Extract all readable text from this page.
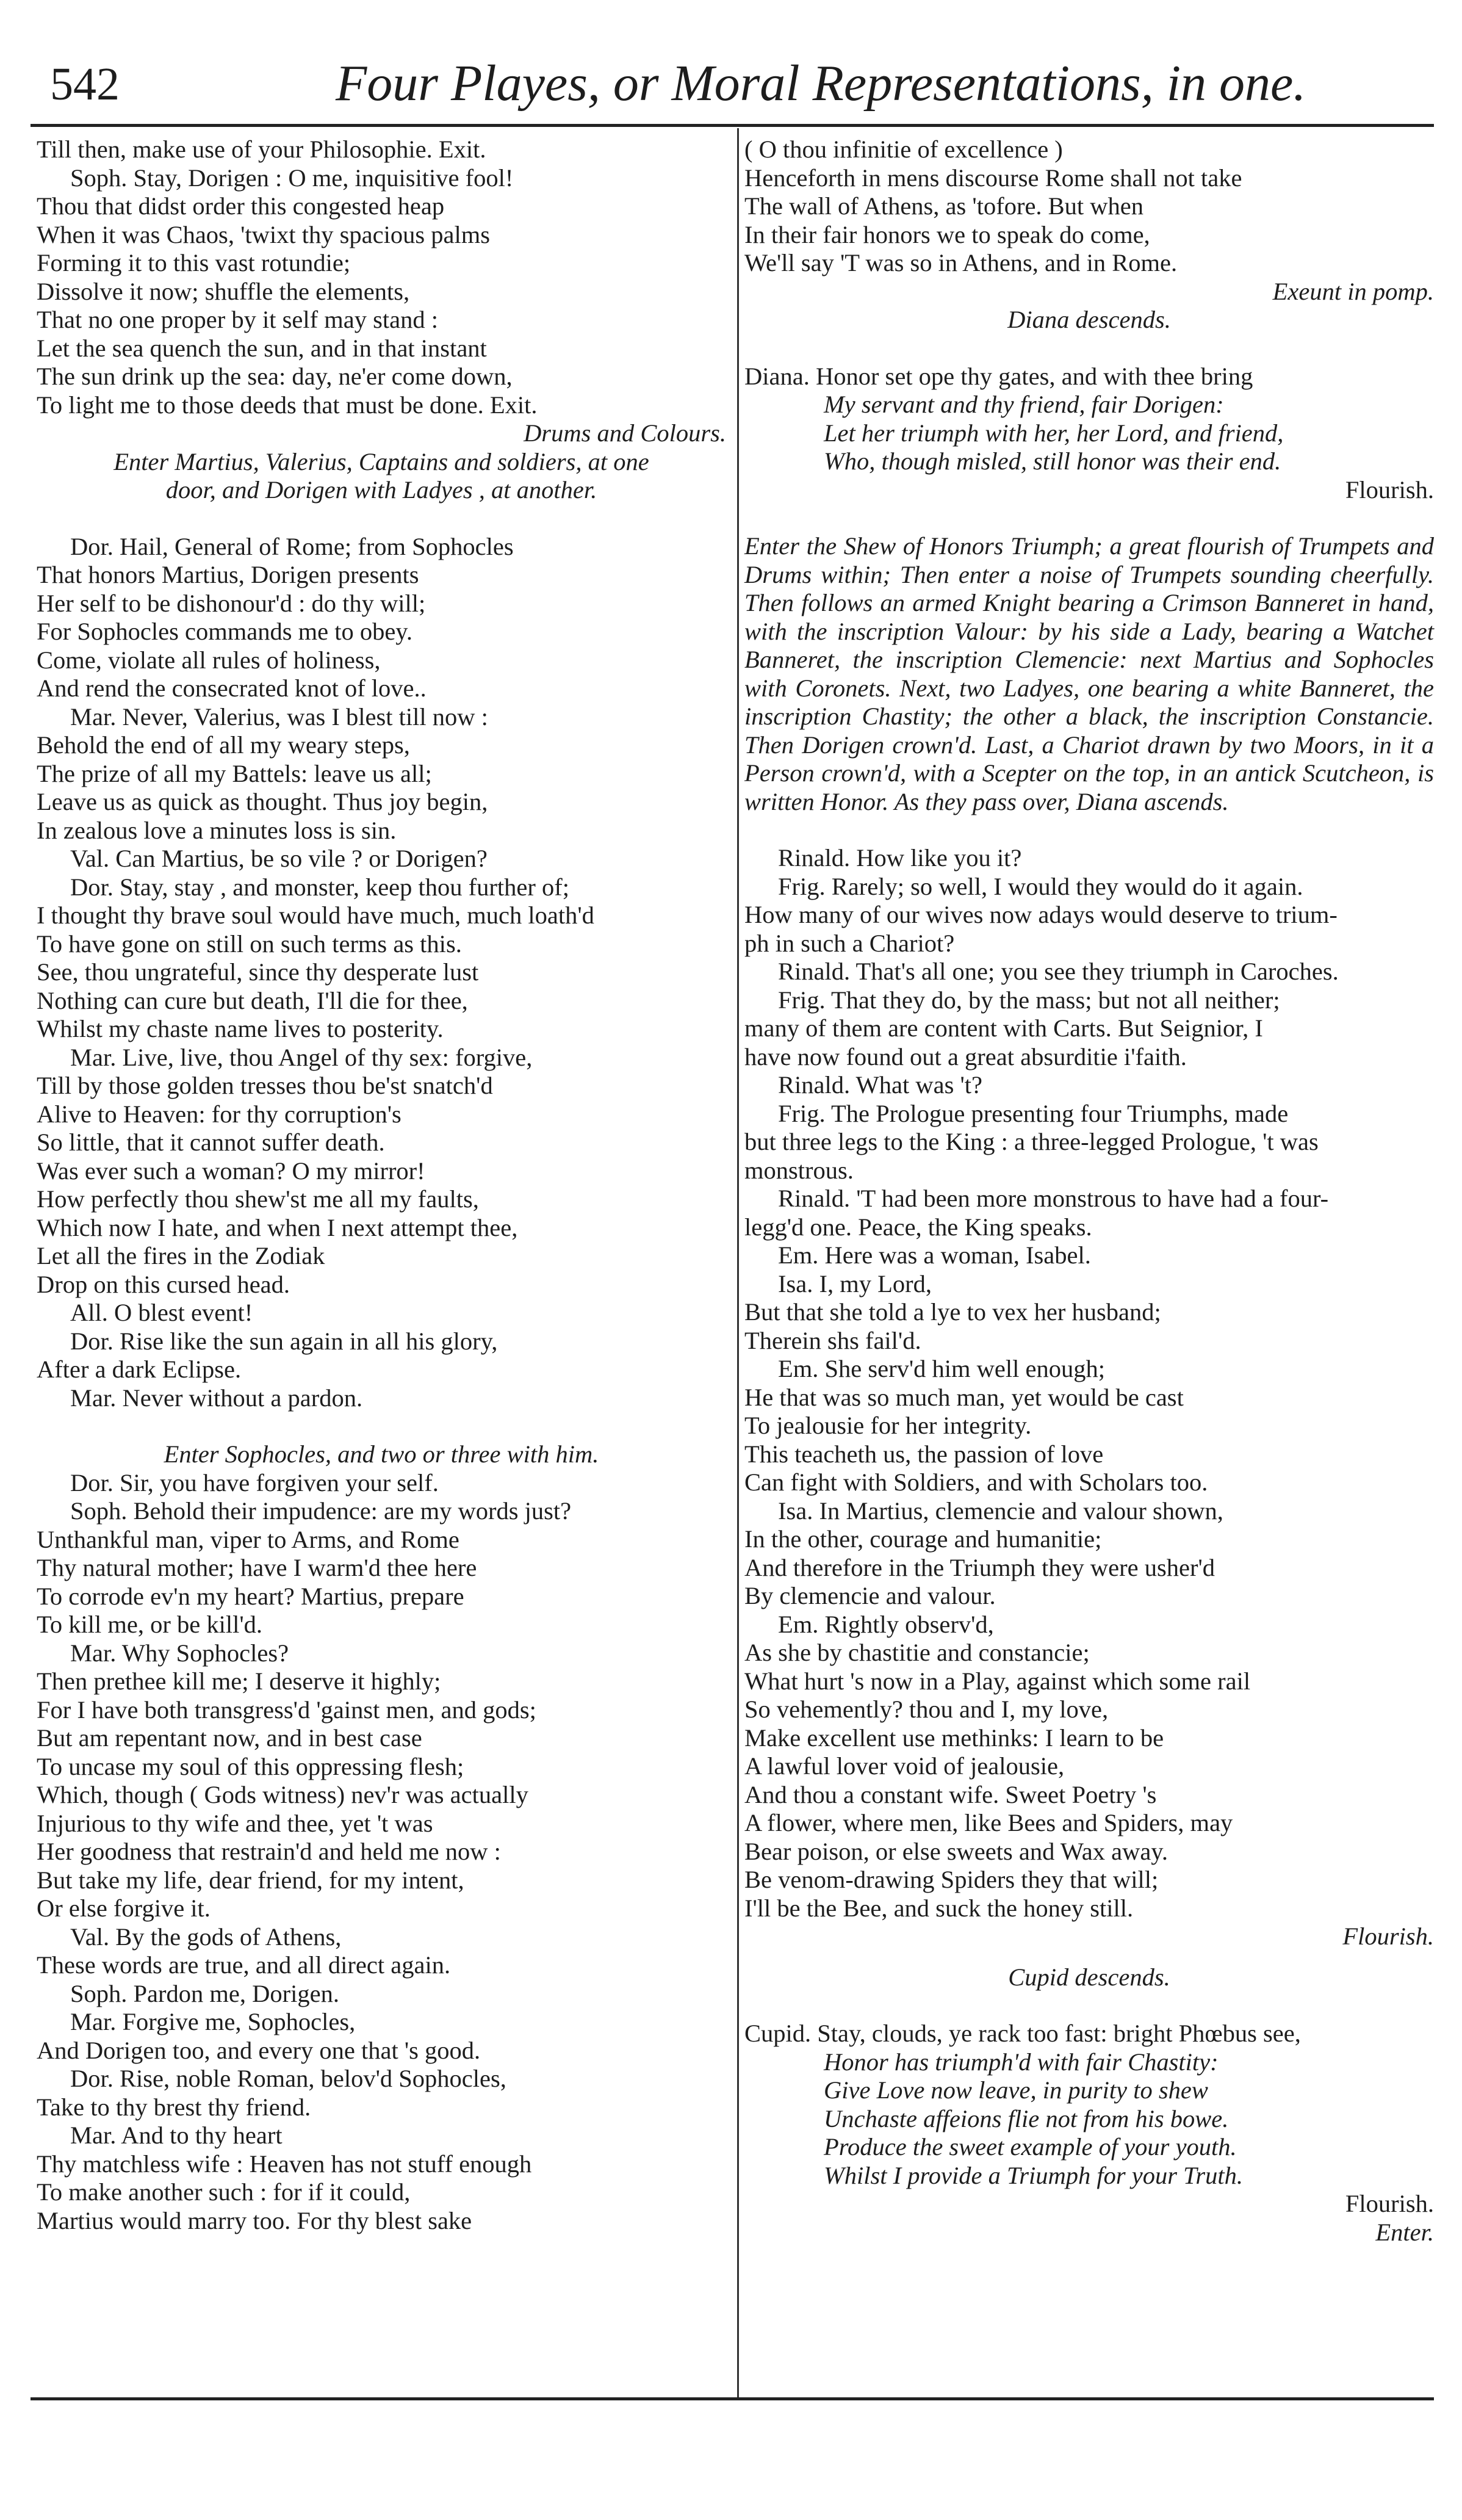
542	Four Playes, or Moral Representations, in one.
Till then, make use of your Philosophie. Exit.
Soph. Stay, Dorigen : O me, inquisitive fool!
Thou that didst order this congested heap
When it was Chaos, 'twixt thy spacious palms
Forming it to this vast rotundie;
Dissolve it now; shuffle the elements,
That no one proper by it self may stand :
Let the sea quench the sun, and in that instant
The sun drink up the sea: day, ne'er come down,
To light me to those deeds that must be done. Exit.
Drums and Colours.
Enter Martius, Valerius, Captains and soldiers, at one
door, and Dorigen with Ladyes , at another.
Dor. Hail, General of Rome; from Sophocles
That honors Martius, Dorigen presents
Her self to be dishonour'd : do thy will;
For Sophocles commands me to obey.
Come, violate all rules of holiness,
And rend the consecrated knot of love..
Mar. Never, Valerius, was I blest till now :
Behold the end of all my weary steps,
The prize of all my Battels: leave us all;
Leave us as quick as thought. Thus joy begin,
In zealous love a minutes loss is sin.
Val. Can Martius, be so vile ? or Dorigen?
Dor. Stay, stay , and monster, keep thou further of;
I thought thy brave soul would have much, much loath'd
To have gone on still on such terms as this.
See, thou ungrateful, since thy desperate lust
Nothing can cure but death, I'll die for thee,
Whilst my chaste name lives to posterity.
Mar. Live, live, thou Angel of thy sex: forgive,
Till by those golden tresses thou be'st snatch'd
Alive to Heaven: for thy corruption's
So little, that it cannot suffer death.
Was ever such a woman? O my mirror!
How perfectly thou shew'st me all my faults,
Which now I hate, and when I next attempt thee,
Let all the fires in the Zodiak
Drop on this cursed head.
All. O blest event!
Dor. Rise like the sun again in all his glory,
After a dark Eclipse.
Mar. Never without a pardon.
Enter Sophocles, and two or three with him.
Dor. Sir, you have forgiven your self.
Soph. Behold their impudence: are my words just?
Unthankful man, viper to Arms, and Rome
Thy natural mother; have I warm'd thee here
To corrode ev'n my heart? Martius, prepare
To kill me, or be kill'd.
Mar. Why Sophocles?
Then prethee kill me; I deserve it highly;
For I have both transgress'd 'gainst men, and gods;
But am repentant now, and in best case
To uncase my soul of this oppressing flesh;
Which, though ( Gods witness) nev'r was actually
Injurious to thy wife and thee, yet 't was
Her goodness that restrain'd and held me now :
But take my life, dear friend, for my intent,
Or else forgive it.
Val. By the gods of Athens,
These words are true, and all direct again.
Soph. Pardon me, Dorigen.
Mar. Forgive me, Sophocles,
And Dorigen too, and every one that 's good.
Dor. Rise, noble Roman, belov'd Sophocles,
Take to thy brest thy friend.
Mar. And to thy heart
Thy matchless wife : Heaven has not stuff enough
To make another such : for if it could,
Martius would marry too. For thy blest sake
( O thou infinitie of excellence )
Henceforth in mens discourse Rome shall not take
The wall of Athens, as 'tofore. But when
In their fair honors we to speak do come,
We'll say 'T was so in Athens, and in Rome.
Exeunt in pomp.
Diana descends.
Diana. Honor set ope thy gates, and with thee bring
My servant and thy friend, fair Dorigen:
Let her triumph with her, her Lord, and friend,
Who, though misled, still honor was their end.
Flourish.
Enter the Shew of Honors Triumph; a great flourish of Trumpets and Drums within; Then enter a noise of Trumpets sounding cheerfully. Then follows an armed Knight bearing a Crimson Banneret in hand, with the inscription Valour: by his side a Lady, bearing a Watchet Banneret, the inscription Clemencie: next Martius and Sophocles with Coronets. Next, two Ladyes, one bearing a white Banneret, the inscription Chastity; the other a black, the inscription Constancie. Then Dorigen crown'd. Last, a Chariot drawn by two Moors, in it a Person crown'd, with a Scepter on the top, in an antick Scutcheon, is written Honor. As they pass over, Diana ascends.
Rinald. How like you it?
Frig. Rarely; so well, I would they would do it again.
How many of our wives now adays would deserve to trium-
ph in such a Chariot?
Rinald. That's all one; you see they triumph in Caroches.
Frig. That they do, by the mass; but not all neither;
many of them are content with Carts. But Seignior, I
have now found out a great absurditie i'faith.
Rinald. What was 't?
Frig. The Prologue presenting four Triumphs, made
but three legs to the King : a three-legged Prologue, 't was
monstrous.
Rinald. 'T had been more monstrous to have had a four-
legg'd one. Peace, the King speaks.
Em. Here was a woman, Isabel.
Isa. I, my Lord,
But that she told a lye to vex her husband;
Therein shs fail'd.
Em. She serv'd him well enough;
He that was so much man, yet would be cast
To jealousie for her integrity.
This teacheth us, the passion of love
Can fight with Soldiers, and with Scholars too.
Isa. In Martius, clemencie and valour shown,
In the other, courage and humanitie;
And therefore in the Triumph they were usher'd
By clemencie and valour.
Em. Rightly observ'd,
As she by chastitie and constancie;
What hurt 's now in a Play, against which some rail
So vehemently? thou and I, my love,
Make excellent use methinks: I learn to be
A lawful lover void of jealousie,
And thou a constant wife. Sweet Poetry 's
A flower, where men, like Bees and Spiders, may
Bear poison, or else sweets and Wax away.
Be venom-drawing Spiders they that will;
I'll be the Bee, and suck the honey still.
Flourish.
Cupid descends.
Cupid. Stay, clouds, ye rack too fast: bright Phœbus see,
Honor has triumph'd with fair Chastity:
Give Love now leave, in purity to shew
Unchaste affeions flie not from his bowe.
Produce the sweet example of your youth.
Whilst I provide a Triumph for your Truth.
Flourish.
Enter.
